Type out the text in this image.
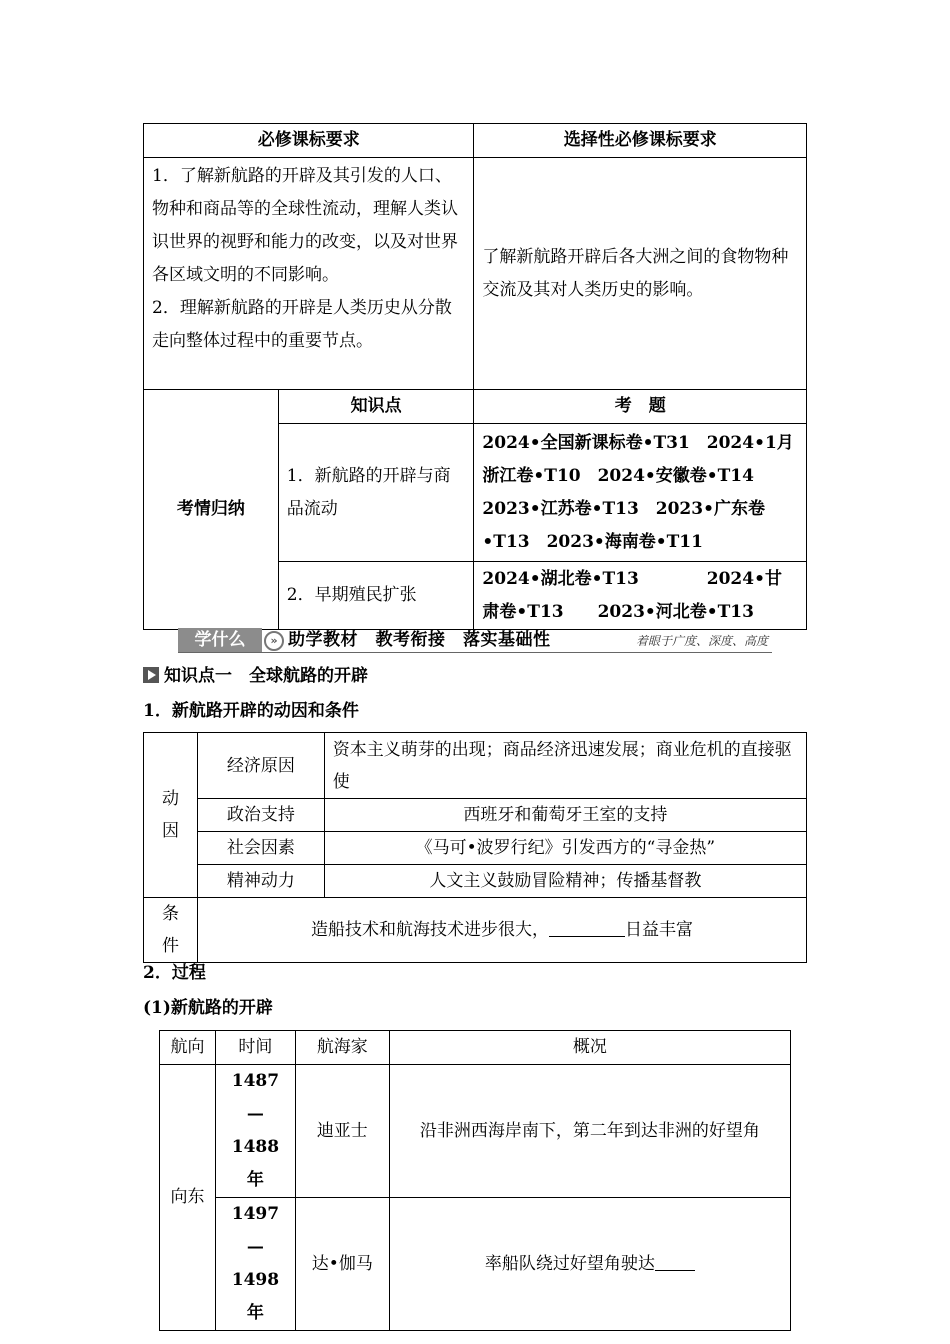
必修课标要求		选择性必修课标要求

1．了解新航路的开辟及其引发的人口、物种和商品等的全球性流动，理解人类认识世界的视野和能力的改变，以及对世界各区域文明的不同影响。
2．理解新航路的开辟是人类历史从分散走向整体过程中的重要节点。		了解新航路开辟后各大洲之间的食物物种交流及其对人类历史的影响。
考情归纳	知识点	考　题
	1．新航路的开辟与商品流动	2024•全国新课标卷•T31　2024•1月浙江卷•T10　2024•安徽卷•T14　2023•江苏卷•T13　2023•广东卷•T13　2023•海南卷•T11
	2．早期殖民扩张	2024•湖北卷•T13　　　　2024•甘肃卷•T13　　2023•河北卷•T13
学什么	» 助学教材　教考衔接　落实基础性	着眼于广度、深度、高度
知识点一　全球航路的开辟
1．新航路开辟的动因和条件
动
因	经济原因	资本主义萌芽的出现；商品经济迅速发展；商业危机的直接驱使
	政治支持	西班牙和葡萄牙王室的支持
	社会因素	《马可•波罗行纪》引发西方的“寻金热”
	精神动力	人文主义鼓励冒险精神；传播基督教
条
件	造船技术和航海技术进步很大， 日益丰富	
2．过程
(1)新航路的开辟
航向	时间	航海家	概况
向东	1487—1488年	迪亚士	沿非洲西海岸南下，第二年到达非洲的好望角
	1497—1498年	达•伽马	率船队绕过好望角驶达
